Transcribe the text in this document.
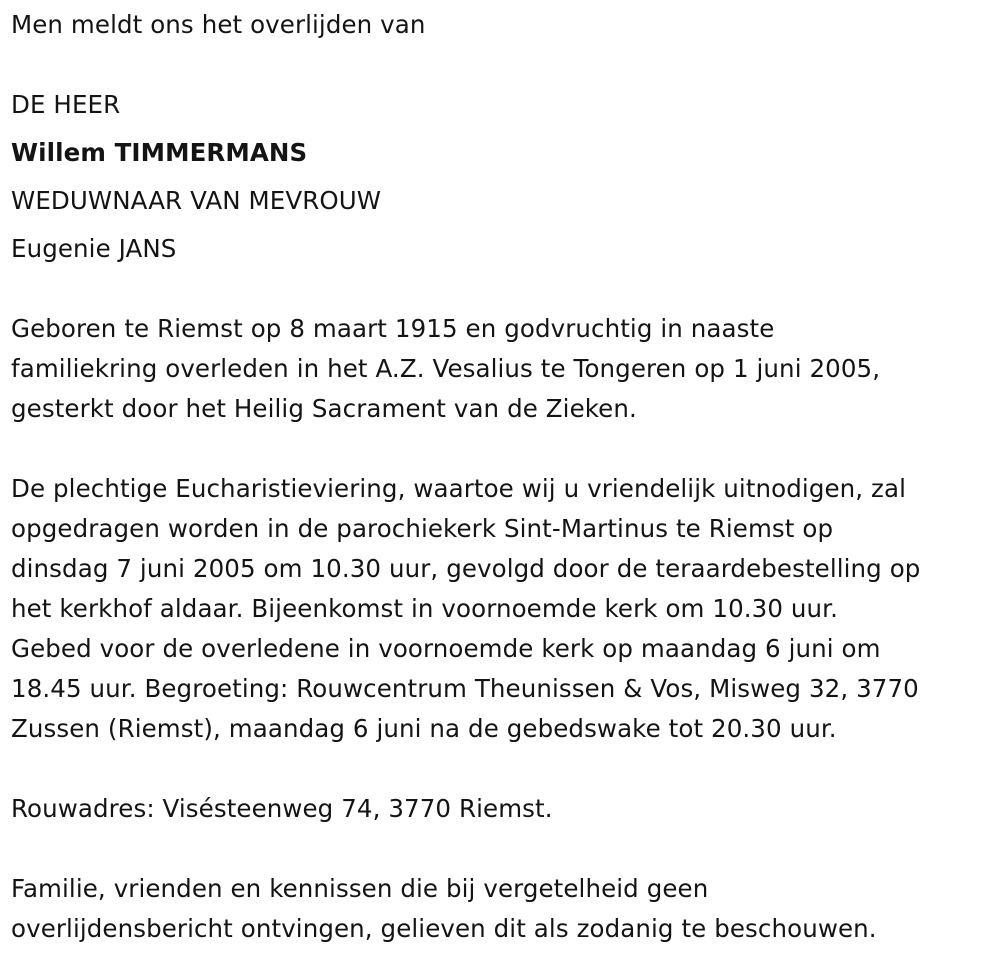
Men meldt ons het overlijden van
DE HEER
Willem TIMMERMANS
WEDUWNAAR VAN MEVROUW
Eugenie JANS
Geboren te Riemst op 8 maart 1915 en godvruchtig in naaste
familiekring overleden in het A.Z. Vesalius te Tongeren op 1 juni 2005,
gesterkt door het Heilig Sacrament van de Zieken.
De plechtige Eucharistieviering, waartoe wij u vriendelijk uitnodigen, zal
opgedragen worden in de parochiekerk Sint-Martinus te Riemst op
dinsdag 7 juni 2005 om 10.30 uur, gevolgd door de teraardebestelling op
het kerkhof aldaar. Bijeenkomst in voornoemde kerk om 10.30 uur.
Gebed voor de overledene in voornoemde kerk op maandag 6 juni om
18.45 uur. Begroeting: Rouwcentrum Theunissen & Vos, Misweg 32, 3770
Zussen (Riemst), maandag 6 juni na de gebedswake tot 20.30 uur.
Rouwadres: Visésteenweg 74, 3770 Riemst.
Familie, vrienden en kennissen die bij vergetelheid geen
overlijdensbericht ontvingen, gelieven dit als zodanig te beschouwen.
